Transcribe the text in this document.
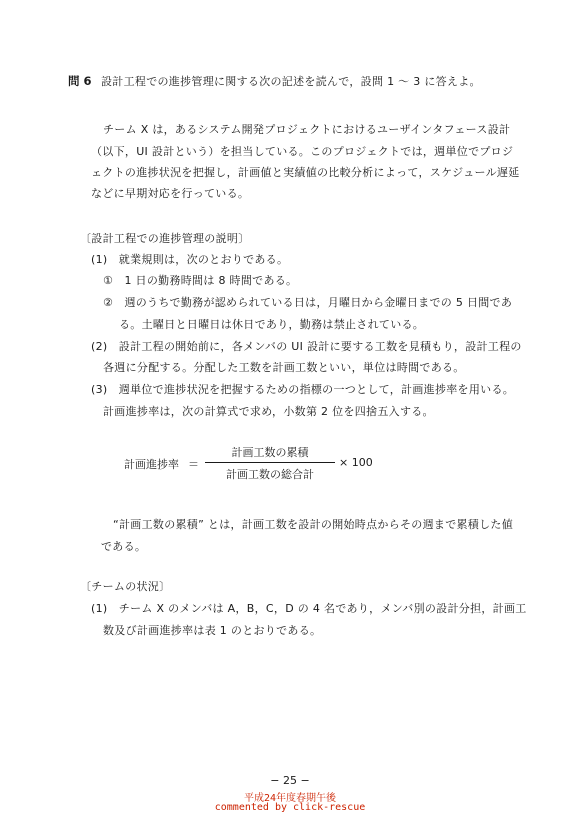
問 6 設計工程での進捗管理に関する次の記述を読んで，設問 1 〜 3 に答えよ。
チーム X は，あるシステム開発プロジェクトにおけるユーザインタフェース設計
（以下，UI 設計という）を担当している。このプロジェクトでは，週単位でプロジ
ェクトの進捗状況を把握し，計画値と実績値の比較分析によって，スケジュール遅延
などに早期対応を行っている。
〔設計工程での進捗管理の説明〕
(1)　就業規則は，次のとおりである。
①　1 日の勤務時間は 8 時間である。
②　週のうちで勤務が認められている日は，月曜日から金曜日までの 5 日間であ
る。土曜日と日曜日は休日であり，勤務は禁止されている。
(2)　設計工程の開始前に，各メンバの UI 設計に要する工数を見積もり，設計工程の
各週に分配する。分配した工数を計画工数といい，単位は時間である。
(3)　週単位で進捗状況を把握するための指標の一つとして，計画進捗率を用いる。
計画進捗率は，次の計算式で求め，小数第 2 位を四捨五入する。
計画進捗率 ＝
計画工数の累積
計画工数の総合計
× 100
“計画工数の累積” とは，計画工数を設計の開始時点からその週まで累積した値
である。
〔チームの状況〕
(1)　チーム X のメンバは A，B，C，D の 4 名であり，メンバ別の設計分担，計画工
数及び計画進捗率は表 1 のとおりである。
− 25 −
平成24年度春期午後
commented by click-rescue
